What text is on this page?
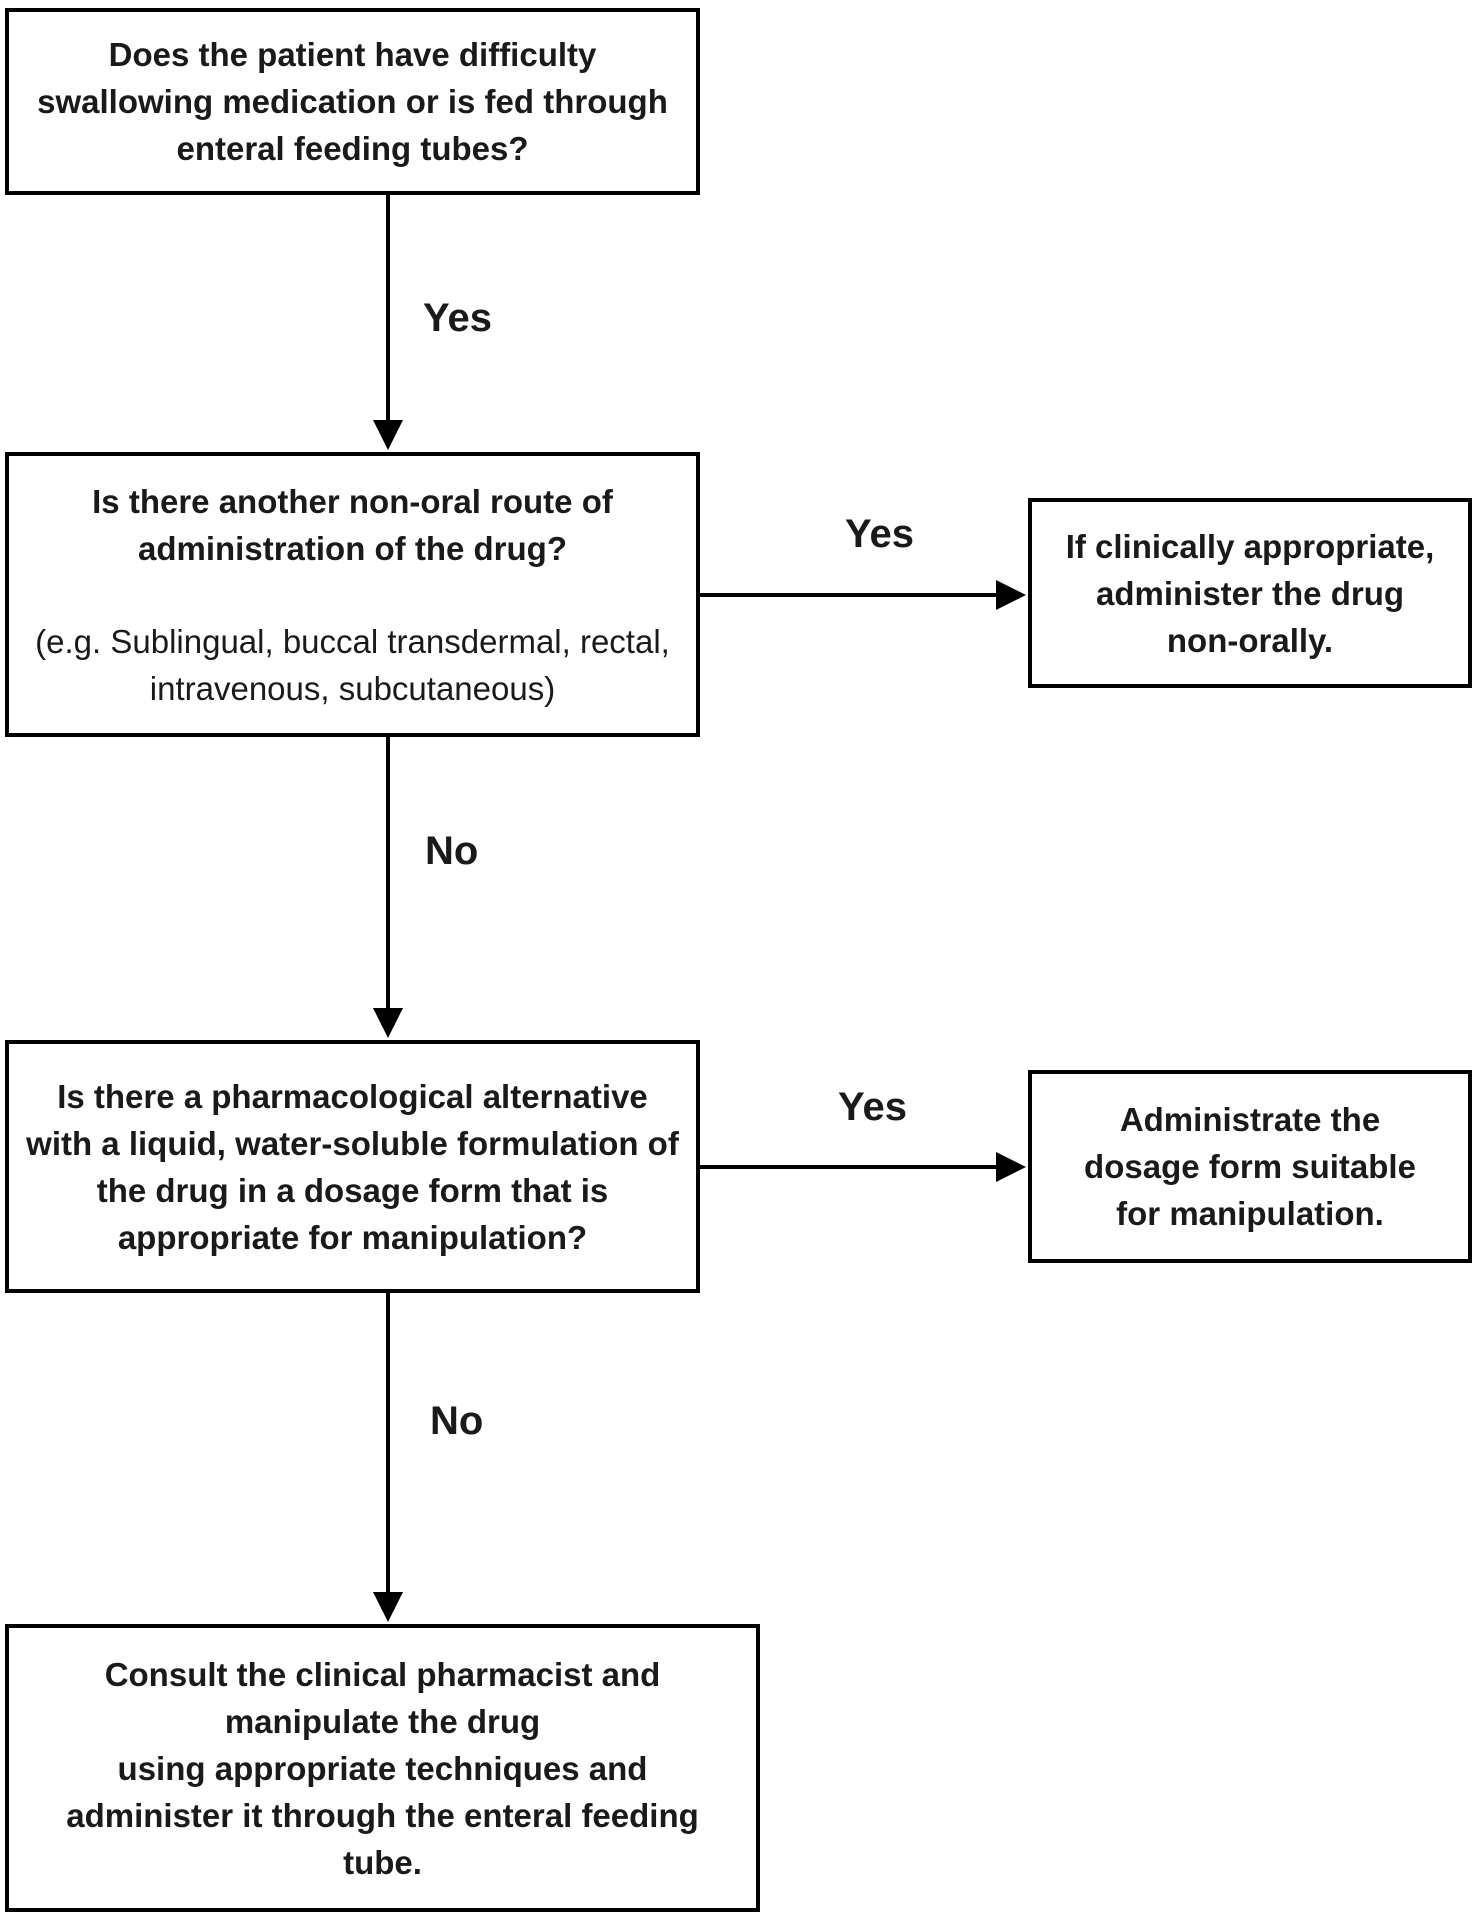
Does the patient have difficulty
swallowing medication or is fed through
enteral feeding tubes?
Yes
Is there another non-oral route of
administration of the drug?
(e.g. Sublingual, buccal transdermal, rectal,
intravenous, subcutaneous)
Yes	If clinically appropriate,
administer the drug
non-orally.
No
Is there a pharmacological alternative
with a liquid, water-soluble formulation of
the drug in a dosage form that is
appropriate for manipulation?
Yes	Administrate the
dosage form suitable
for manipulation.
No
Consult the clinical pharmacist and
manipulate the drug
using appropriate techniques and
administer it through the enteral feeding
tube.
